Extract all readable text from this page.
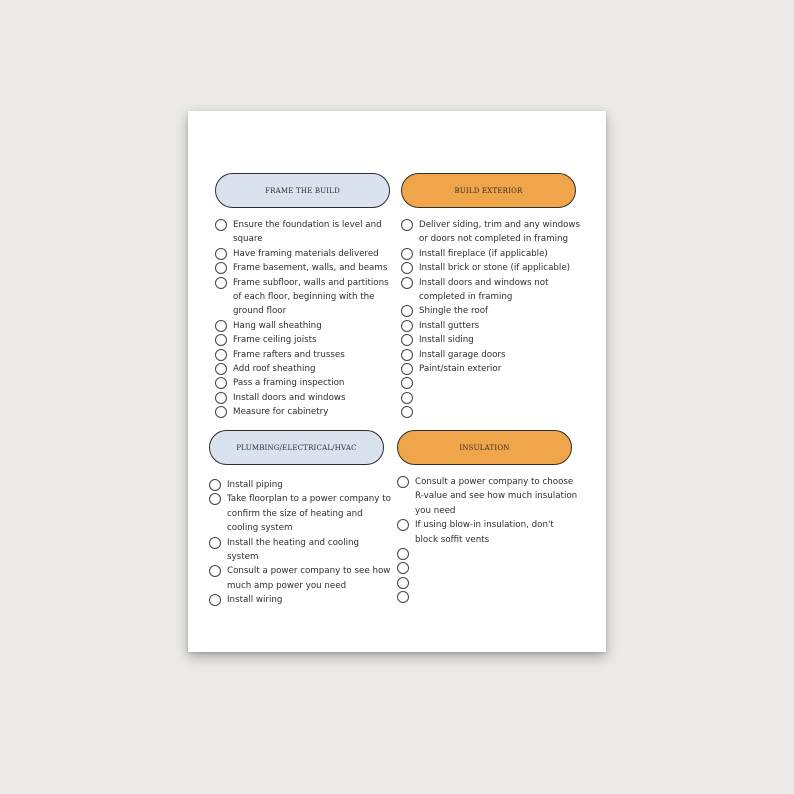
FRAME THE BUILD
Ensure the foundation is level and square
Have framing materials delivered
Frame basement, walls, and beams
Frame subfloor, walls and partitions of each floor, beginning with the ground floor
Hang wall sheathing
Frame ceiling joists
Frame rafters and trusses
Add roof sheathing
Pass a framing inspection
Install doors and windows
Measure for cabinetry
BUILD EXTERIOR
Deliver siding, trim and any windows or doors not completed in framing
Install fireplace (if applicable)
Install brick or stone (if applicable)
Install doors and windows not completed in framing
Shingle the roof
Install gutters
Install siding
Install garage doors
Paint/stain exterior
PLUMBING/ELECTRICAL/HVAC
Install piping
Take floorplan to a power company to confirm the size of heating and cooling system
Install the heating and cooling system
Consult a power company to see how much amp power you need
Install wiring
INSULATION
Consult a power company to choose R-value and see how much insulation you need
If using blow-in insulation, don't block soffit vents
